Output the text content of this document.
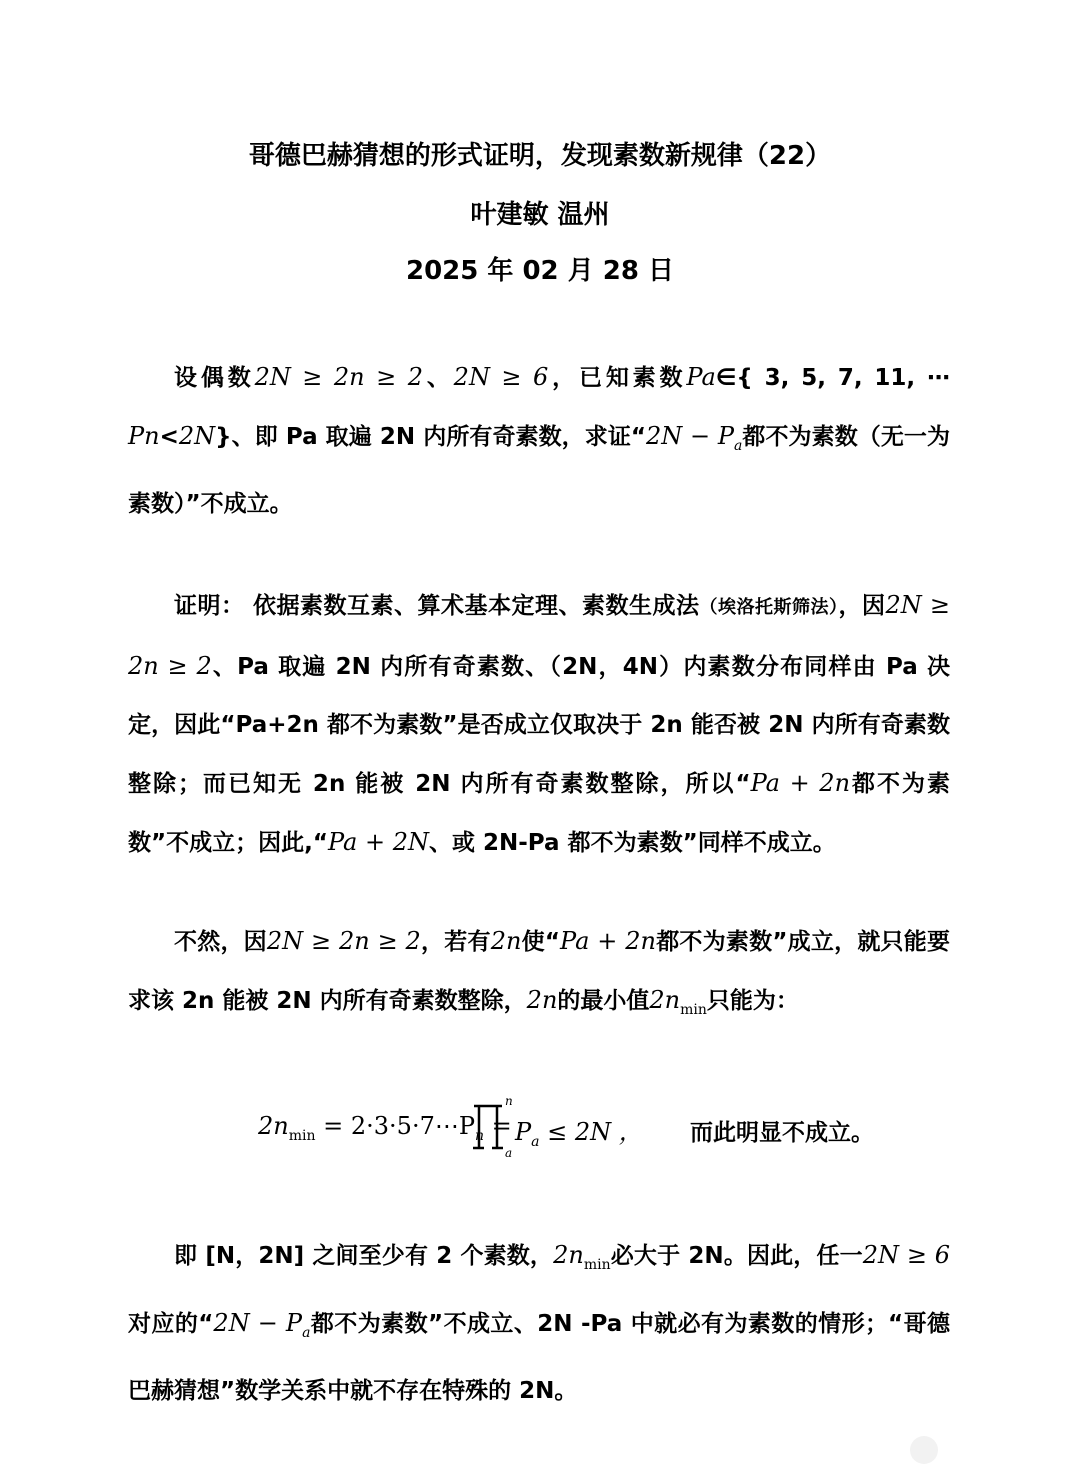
哥德巴赫猜想的形式证明，发现素数新规律（22）
叶建敏 温州
2025 年 02 月 28 日
设偶数2N ≥ 2n ≥ 2、2N ≥ 6，已知素数Pa∈{ 3, 5, 7, 11, ⋯Pn<2N}、即 Pa 取遍 2N 内所有奇素数，求证“$2N - P_a$都不为素数（无一为素数）”不成立。
证明： 依据素数互素、算术基本定理、素数生成法（埃洛托斯筛法），因2N ≥ 2n ≥ 2、Pa 取遍 2N 内所有奇素数、（2N，4N）内素数分布同样由 Pa 决定，因此“Pa+2n 都不为素数”是否成立仅取决于 2n 能否被 2N 内所有奇素数整除；而已知无 2n 能被 2N 内所有奇素数整除，所以“Pa + 2n都不为素数”不成立；因此,“Pa + 2N、或 2N-Pa 都不为素数”同样不成立。
不然，因2N ≥ 2n ≥ 2，若有2n使“Pa + 2n都不为素数”成立，就只能要求该 2n 能被 2N 内所有奇素数整除，2n的最小值$2n_{min}$只能为：
$2n_{min}$ = $2\cdot 3\cdot 5\cdot 7\cdots P_n$ =
n
a
$P_a \le 2N$ ， 而此明显不成立。
即 [N，2N] 之间至少有 2 个素数，$2n_{min}$必大于 2N。因此，任一2N ≥ 6对应的“$2N - P_a$都不为素数”不成立、2N -Pa 中就必有为素数的情形；“哥德巴赫猜想”数学关系中就不存在特殊的 2N。
